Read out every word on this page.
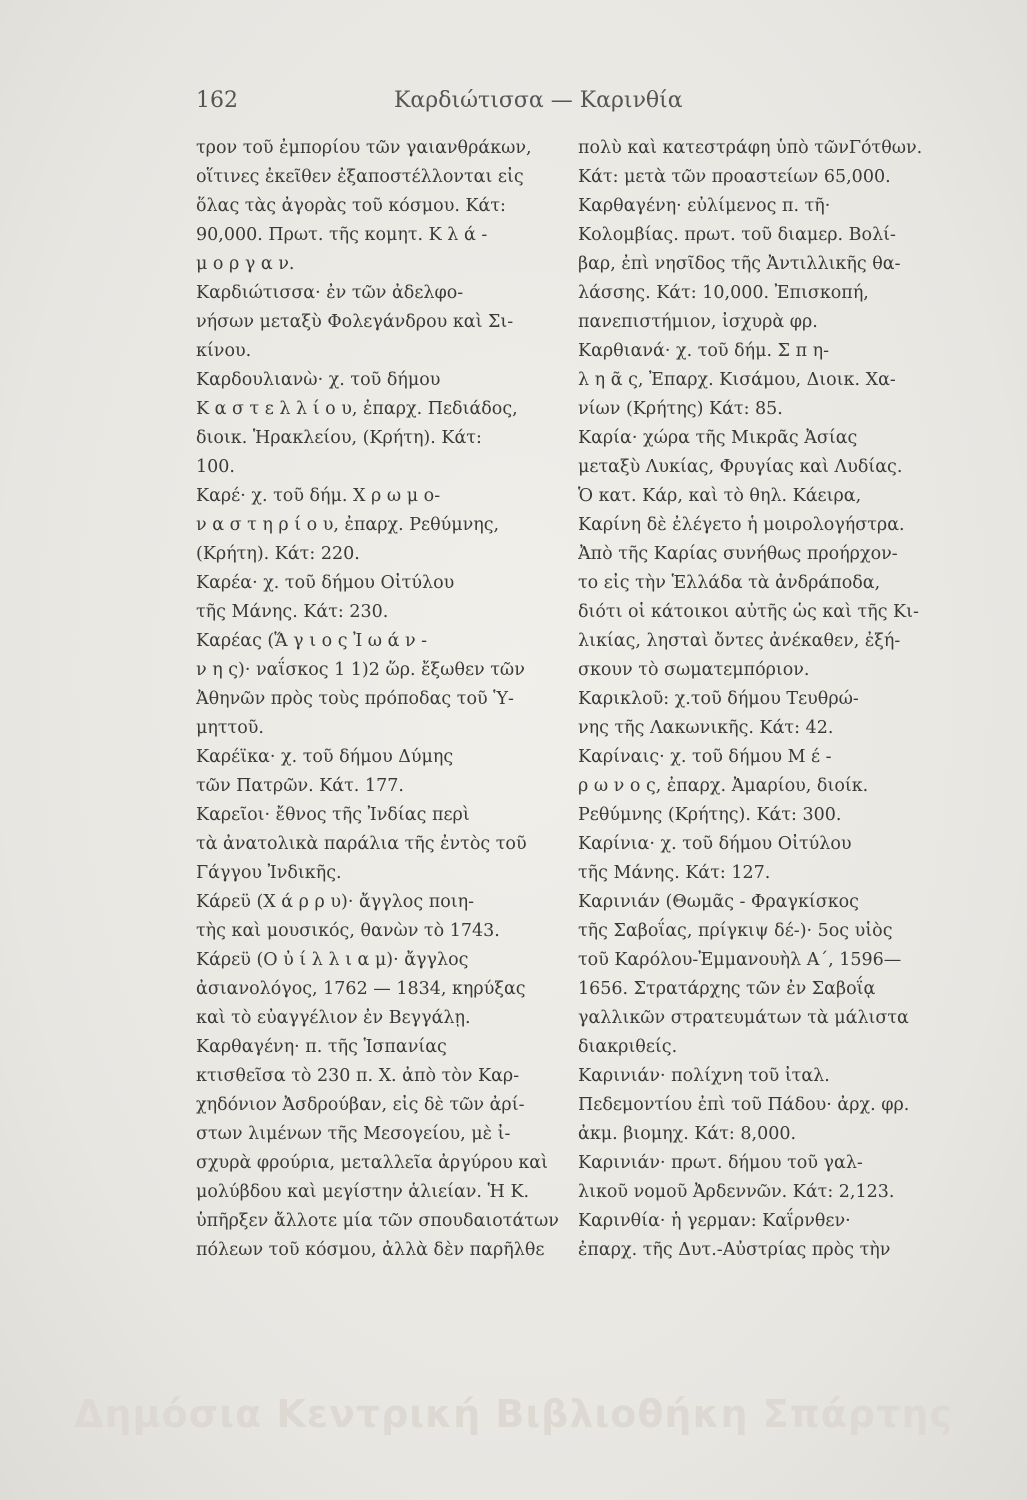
162	Καρδιώτισσα — Καρινθία
τρον τοῦ ἐμπορίου τῶν γαιανθράκων,
οἵτινες ἐκεῖθεν ἐξαποστέλλονται εἰς
ὅλας τὰς ἀγορὰς τοῦ κόσμου. Κάτ:
90,000. Πρωτ. τῆς κομητ. Κ λ ά -
μ ο ρ γ α ν.
Καρδιώτισσα· ἐν τῶν ἀδελφο-
νήσων μεταξὺ Φολεγάνδρου καὶ Σι-
κίνου.
Καρδουλιανὼ· χ. τοῦ δήμου
Κ α σ τ ε λ λ ί ο υ, ἐπαρχ. Πεδιάδος,
διοικ. Ἡρακλείου, (Κρήτη). Κάτ:
100.
Καρέ· χ. τοῦ δήμ. Χ ρ ω μ ο-
ν α σ τ η ρ ί ο υ, ἐπαρχ. Ρεθύμνης,
(Κρήτη). Κάτ: 220.
Καρέα· χ. τοῦ δήμου Οἰτύλου
τῆς Μάνης. Κάτ: 230.
Καρέας (Ἅ γ ι ο ς Ἰ ω ά ν -
ν η ς)· ναΐσκος 1 1)2 ὥρ. ἔξωθεν τῶν
Ἀθηνῶν πρὸς τοὺς πρόποδας τοῦ Ὑ-
μηττοῦ.
Καρέϊκα· χ. τοῦ δήμου Δύμης
τῶν Πατρῶν. Κάτ. 177.
Καρεῖοι· ἔθνος τῆς Ἰνδίας περὶ
τὰ ἀνατολικὰ παράλια τῆς ἐντὸς τοῦ
Γάγγου Ἰνδικῆς.
Κάρεϋ (Χ ά ρ ρ υ)· ἄγγλος ποιη-
τὴς καὶ μουσικός, θανὼν τὸ 1743.
Κάρεϋ (Ο ὐ ί λ λ ι α μ)· ἄγγλος
ἀσιανολόγος, 1762 — 1834, κηρύξας
καὶ τὸ εὐαγγέλιον ἐν Βεγγάλῃ.
Καρθαγένη· π. τῆς Ἱσπανίας
κτισθεῖσα τὸ 230 π. Χ. ἀπὸ τὸν Καρ-
χηδόνιον Ἀσδρούβαν, εἰς δὲ τῶν ἀρί-
στων λιμένων τῆς Μεσογείου, μὲ ἰ-
σχυρὰ φρούρια, μεταλλεῖα ἀργύρου καὶ
μολύβδου καὶ μεγίστην ἁλιείαν. Ἡ Κ.
ὑπῆρξεν ἄλλοτε μία τῶν σπουδαιοτάτων
πόλεων τοῦ κόσμου, ἀλλὰ δὲν παρῆλθε
πολὺ καὶ κατεστράφη ὑπὸ τῶνΓότθων.
Κάτ: μετὰ τῶν προαστείων 65,000.
Καρθαγένη· εὐλίμενος π. τῆ·
Κολομβίας. πρωτ. τοῦ διαμερ. Βολί-
βαρ, ἐπὶ νησῖδος τῆς Ἀντιλλικῆς θα-
λάσσης. Κάτ: 10,000. Ἐπισκοπή,
πανεπιστήμιον, ἰσχυρὰ φρ.
Καρθιανά· χ. τοῦ δήμ. Σ π η-
λ η ᾶ ς, Ἐπαρχ. Κισάμου, Διοικ. Χα-
νίων (Κρήτης) Κάτ: 85.
Καρία· χώρα τῆς Μικρᾶς Ἀσίας
μεταξὺ Λυκίας, Φρυγίας καὶ Λυδίας.
Ὁ κατ. Κάρ, καὶ τὸ θηλ. Κάειρα,
Καρίνη δὲ ἐλέγετο ἡ μοιρολογήστρα.
Ἀπὸ τῆς Καρίας συνήθως προήρχον-
το εἰς τὴν Ἑλλάδα τὰ ἀνδράποδα,
διότι οἱ κάτοικοι αὐτῆς ὡς καὶ τῆς Κι-
λικίας, λησταὶ ὄντες ἀνέκαθεν, ἐξή-
σκουν τὸ σωματεμπόριον.
Καρικλοῦ: χ.τοῦ δήμου Τευθρώ-
νης τῆς Λακωνικῆς. Κάτ: 42.
Καρίναις· χ. τοῦ δήμου Μ έ -
ρ ω ν ο ς, ἐπαρχ. Ἀμαρίου, διοίκ.
Ρεθύμνης (Κρήτης). Κάτ: 300.
Καρίνια· χ. τοῦ δήμου Οἰτύλου
τῆς Μάνης. Κάτ: 127.
Καρινιάν (Θωμᾶς - Φραγκίσκος
τῆς Σαβοΐας, πρίγκιψ δέ-)· 5ος υἱὸς
τοῦ Καρόλου-Ἐμμανουὴλ Α΄, 1596—
1656. Στρατάρχης τῶν ἐν Σαβοΐᾳ
γαλλικῶν στρατευμάτων τὰ μάλιστα
διακριθείς.
Καρινιάν· πολίχνη τοῦ ἰταλ.
Πεδεμοντίου ἐπὶ τοῦ Πάδου· ἀρχ. φρ.
ἀκμ. βιομηχ. Κάτ: 8,000.
Καρινιάν· πρωτ. δήμου τοῦ γαλ-
λικοῦ νομοῦ Ἀρδεννῶν. Κάτ: 2,123.
Καρινθία· ἡ γερμαν: Καΐρνθεν·
ἐπαρχ. τῆς Δυτ.-Αὐστρίας πρὸς τὴν
Δημόσια Κεντρική Βιβλιοθήκη Σπάρτης
